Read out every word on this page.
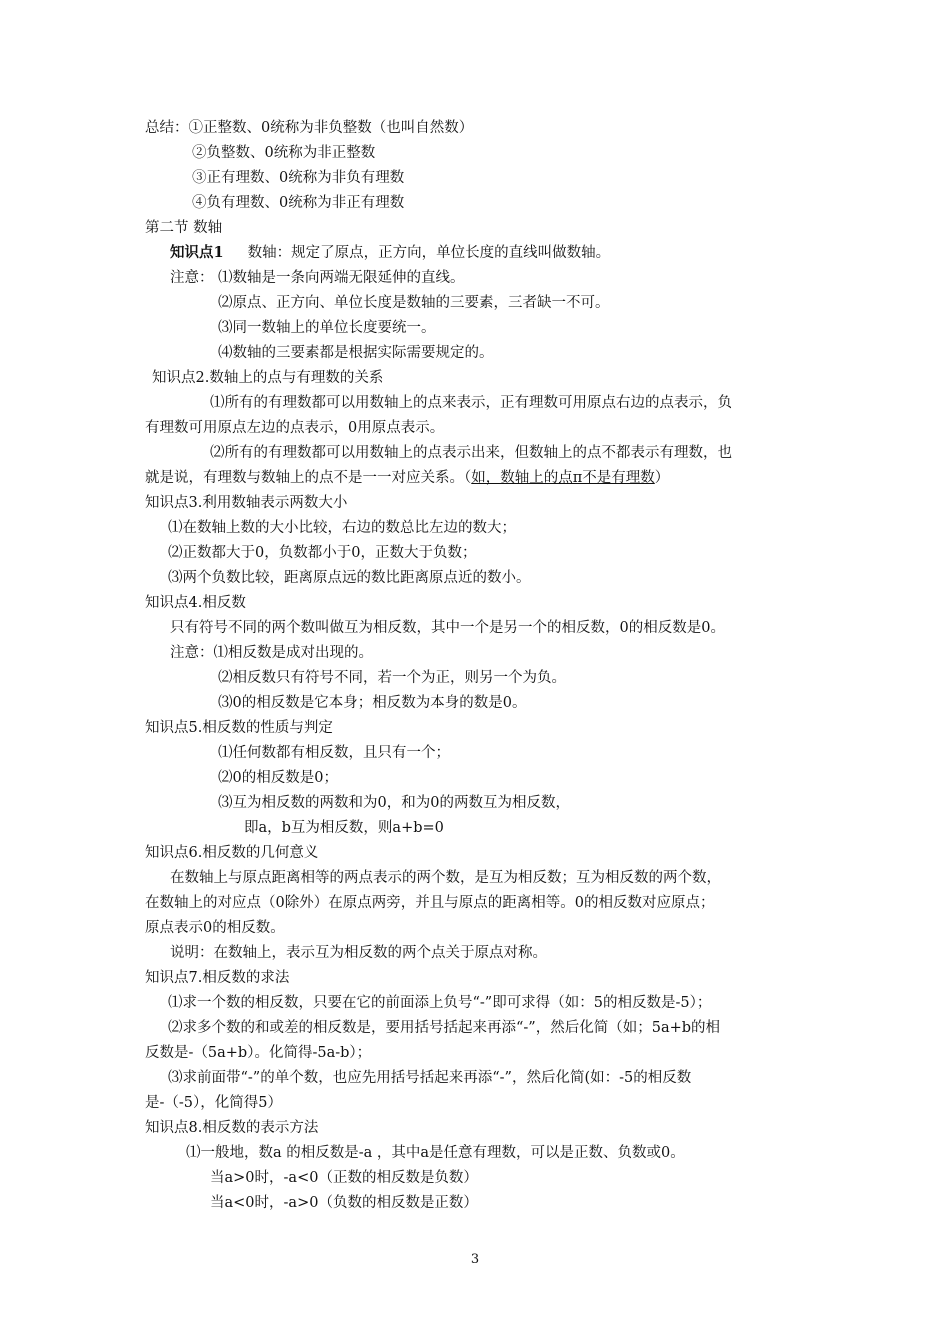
知识点1 数轴：规定了原点，正方向，单位长度的直线叫做数轴。
注意：
就是说，有理数与数轴上的点不是一一对应关系。（如，数轴上的点π不是有理数）
3
总结：①正整数、0统称为非负整数（也叫自然数）
②负整数、0统称为非正整数
③正有理数、0统称为非负有理数
④负有理数、0统称为非正有理数
第二节 数轴
⑴数轴是一条向两端无限延伸的直线。
⑵原点、正方向、单位长度是数轴的三要素，三者缺一不可。
⑶同一数轴上的单位长度要统一。
⑷数轴的三要素都是根据实际需要规定的。
知识点2.数轴上的点与有理数的关系
⑴所有的有理数都可以用数轴上的点来表示，正有理数可用原点右边的点表示，负
有理数可用原点左边的点表示，0用原点表示。
⑵所有的有理数都可以用数轴上的点表示出来，但数轴上的点不都表示有理数，也
知识点3.利用数轴表示两数大小
⑴在数轴上数的大小比较，右边的数总比左边的数大；
⑵正数都大于0，负数都小于0，正数大于负数；
⑶两个负数比较，距离原点远的数比距离原点近的数小。
知识点4.相反数
只有符号不同的两个数叫做互为相反数，其中一个是另一个的相反数，0的相反数是0。
注意：⑴相反数是成对出现的。
⑵相反数只有符号不同，若一个为正，则另一个为负。
⑶0的相反数是它本身；相反数为本身的数是0。
知识点5.相反数的性质与判定
⑴任何数都有相反数，且只有一个；
⑵0的相反数是0；
⑶互为相反数的两数和为0，和为0的两数互为相反数，
即a，b互为相反数，则a+b=0
知识点6.相反数的几何意义
在数轴上与原点距离相等的两点表示的两个数，是互为相反数；互为相反数的两个数，
在数轴上的对应点（0除外）在原点两旁，并且与原点的距离相等。0的相反数对应原点；
原点表示0的相反数。
说明：在数轴上，表示互为相反数的两个点关于原点对称。
知识点7.相反数的求法
⑴求一个数的相反数，只要在它的前面添上负号“-”即可求得（如：5的相反数是-5）；
⑵求多个数的和或差的相反数是，要用括号括起来再添“-”，然后化简（如；5a+b的相
反数是-（5a+b）。化简得-5a-b）；
⑶求前面带“-”的单个数，也应先用括号括起来再添“-”，然后化简(如：-5的相反数
是-（-5），化简得5）
知识点8.相反数的表示方法
⑴一般地，数a 的相反数是-a ，其中a是任意有理数，可以是正数、负数或0。
当a>0时，-a<0（正数的相反数是负数）
当a<0时，-a>0（负数的相反数是正数）
